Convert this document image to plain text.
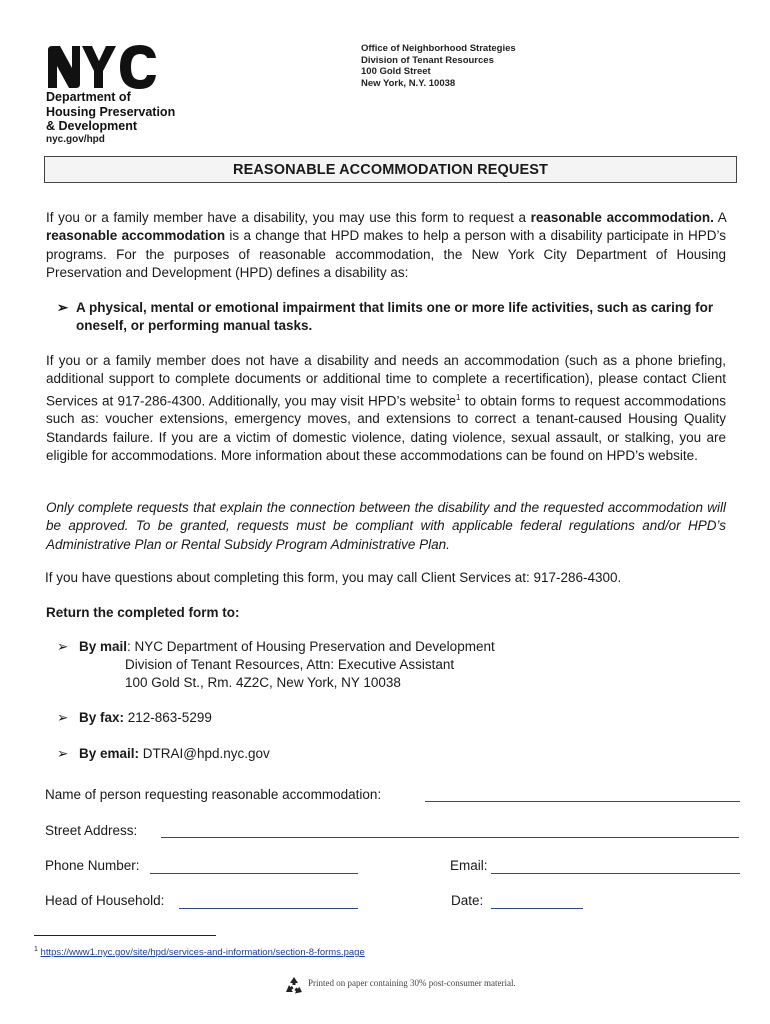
Department of
Housing Preservation
& Development
nyc.gov/hpd
Office of Neighborhood Strategies
Division of Tenant Resources
100 Gold Street
New York, N.Y. 10038
REASONABLE ACCOMMODATION REQUEST
If you or a family member have a disability, you may use this form to request a reasonable accommodation. A reasonable accommodation is a change that HPD makes to help a person with a disability participate in HPD’s programs. For the purposes of reasonable accommodation, the New York City Department of Housing Preservation and Development (HPD) defines a disability as:
➢ A physical, mental or emotional impairment that limits one or more life activities, such as caring for oneself, or performing manual tasks.
If you or a family member does not have a disability and needs an accommodation (such as a phone briefing, additional support to complete documents or additional time to complete a recertification), please contact Client Services at 917-286-4300. Additionally, you may visit HPD’s website$^1$ to obtain forms to request accommodations such as: voucher extensions, emergency moves, and extensions to correct a tenant-caused Housing Quality Standards failure. If you are a victim of domestic violence, dating violence, sexual assault, or stalking, you are eligible for accommodations. More information about these accommodations can be found on HPD’s website.
Only complete requests that explain the connection between the disability and the requested accommodation will be approved. To be granted, requests must be compliant with applicable federal regulations and/or HPD’s Administrative Plan or Rental Subsidy Program Administrative Plan.
If you have questions about completing this form, you may call Client Services at: 917-286-4300.
Return the completed form to:
➢ By mail: NYC Department of Housing Preservation and Development
Division of Tenant Resources, Attn: Executive Assistant
100 Gold St., Rm. 4Z2C, New York, NY 10038
➢ By fax: 212-863-5299
➢ By email: DTRAI@hpd.nyc.gov
Name of person requesting reasonable accommodation:
Street Address:
Phone Number:	Email:
Head of Household:	Date:
$^1$ https://www1.nyc.gov/site/hpd/services-and-information/section-8-forms.page
Printed on paper containing 30% post-consumer material.
